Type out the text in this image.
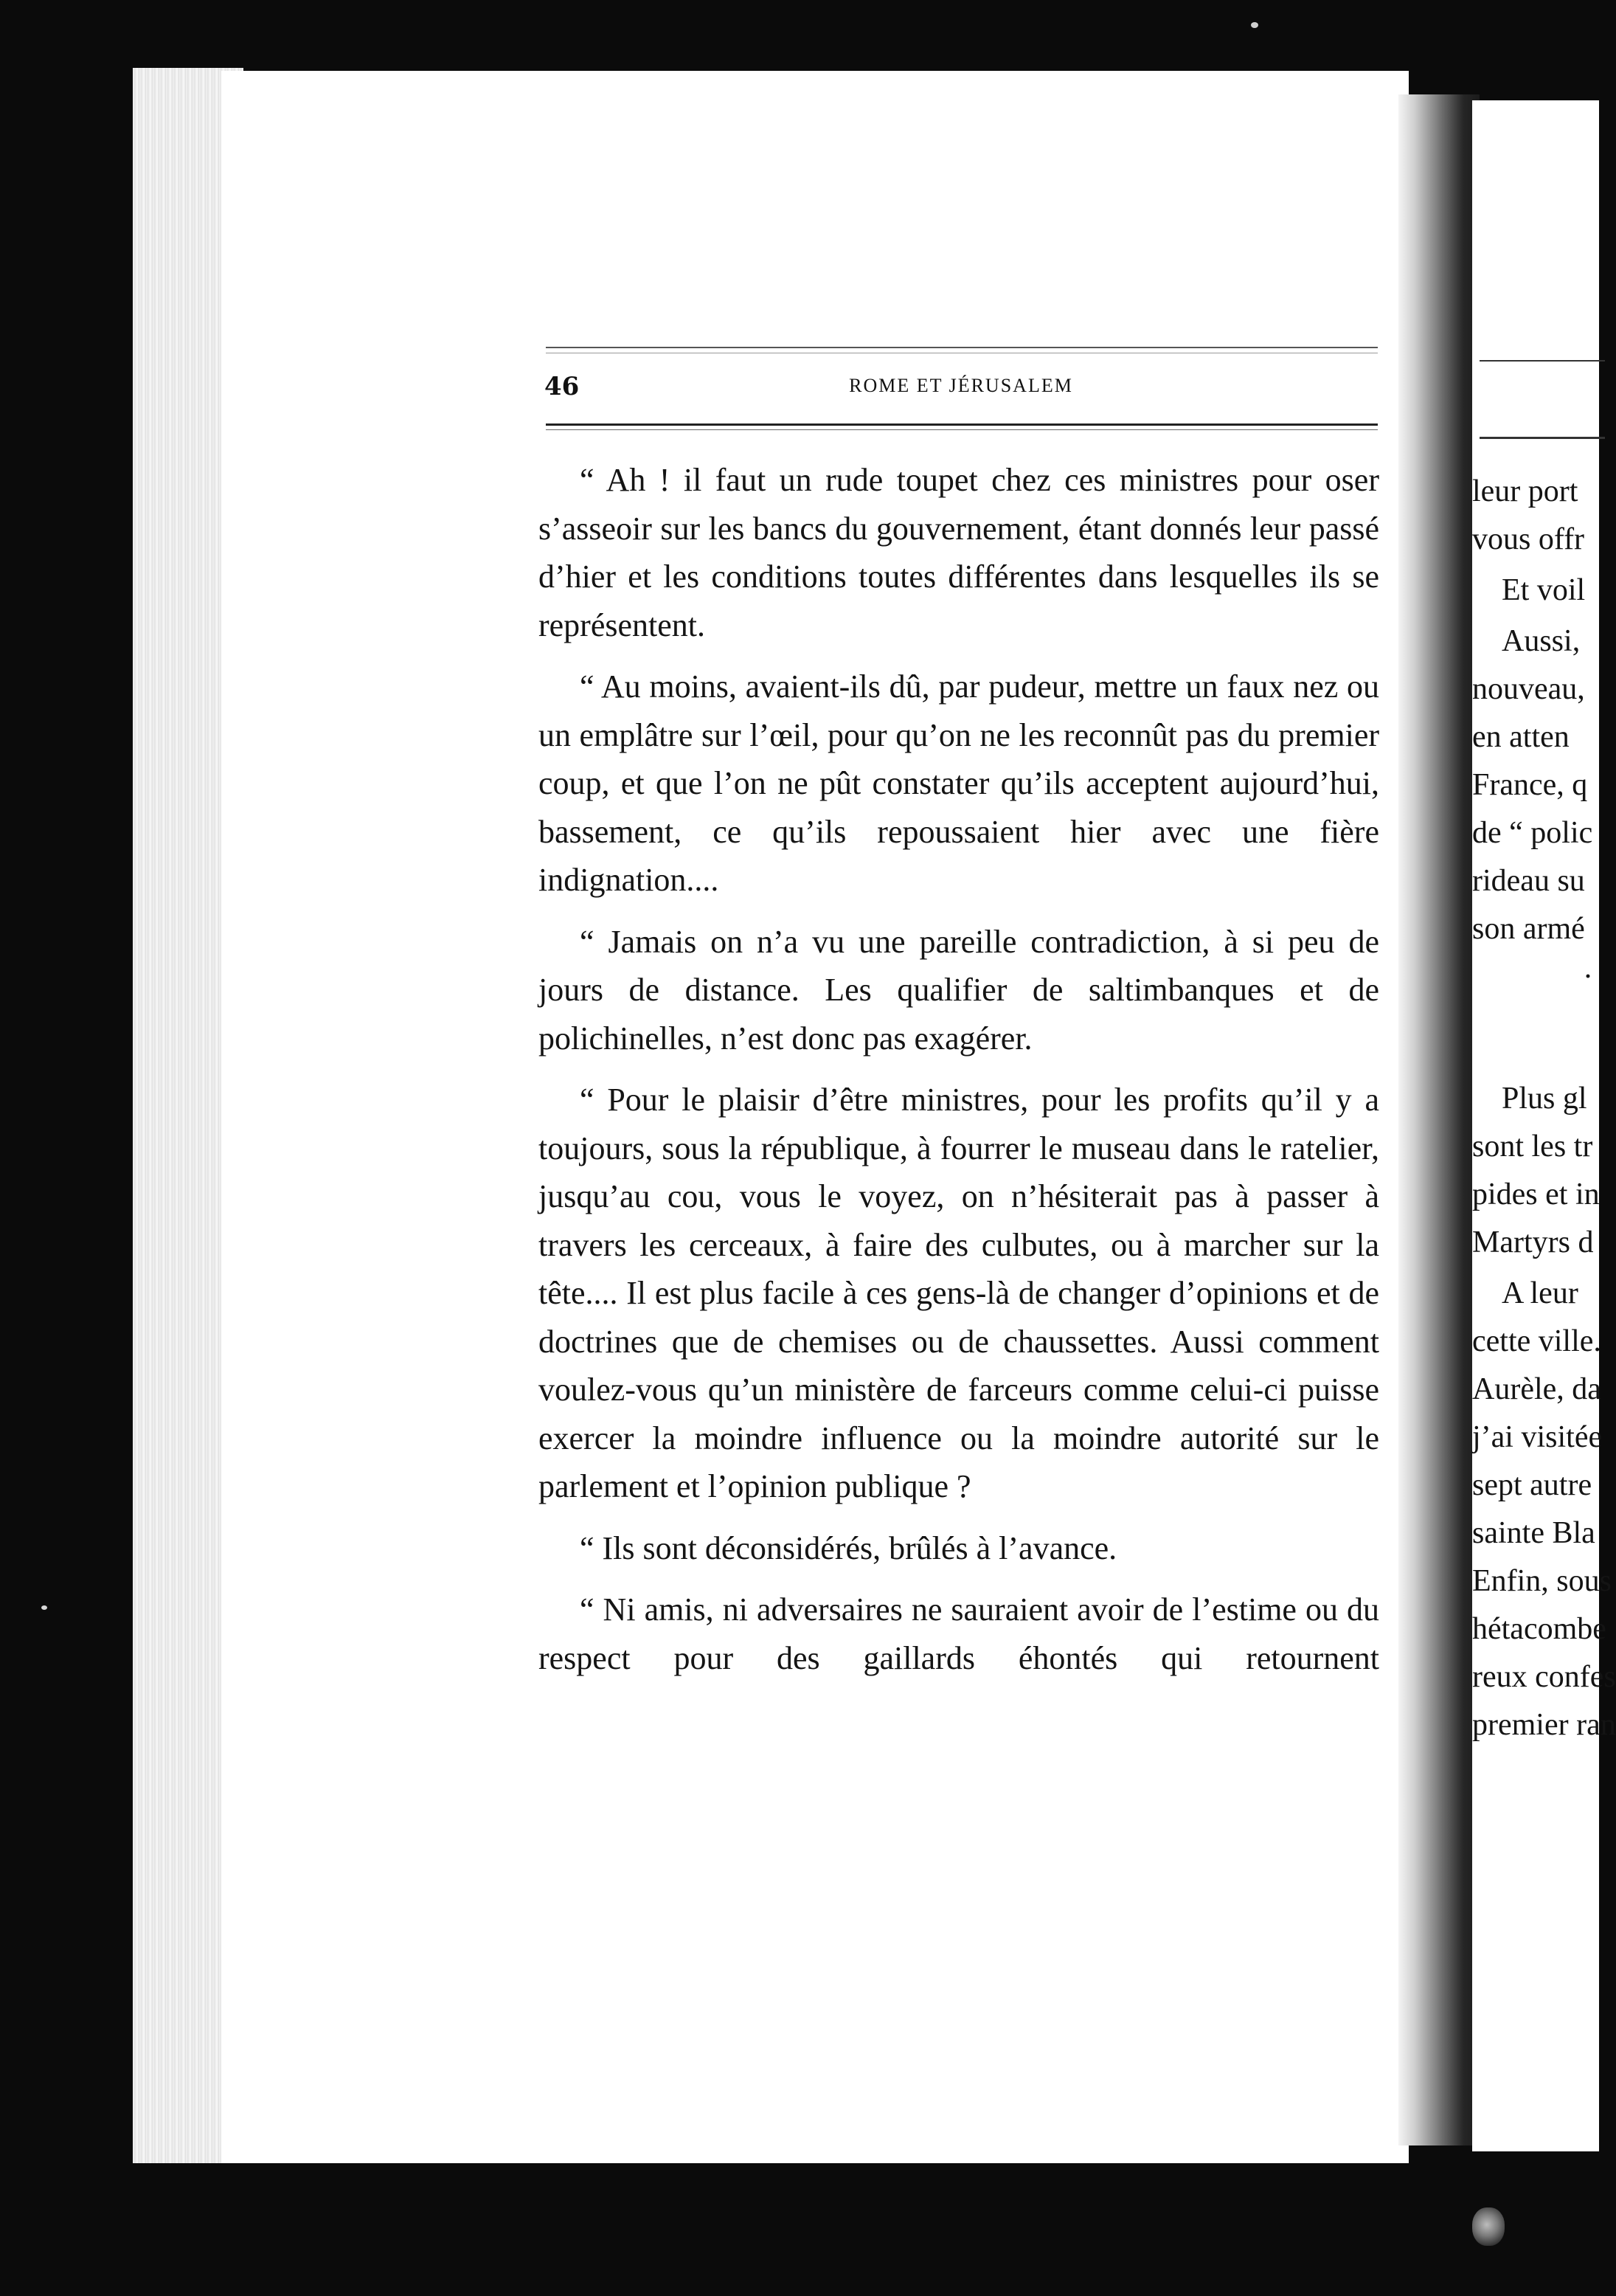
leur port
vous offr
Et voil
Aussi,
nouveau,
en atten
France, q
de “ polic
rideau su
son armé
·
Plus gl
sont les tr
pides et in
Martyrs d
A leur
cette ville.
Aurèle, da
j’ai visitée
sept autre
sainte Bla
Enfin, sous
hétacombe
reux confes
premier ran
46	ROME ET JÉRUSALEM

“ Ah ! il faut un rude toupet chez ces ministres pour oser s’asseoir sur les bancs du gouvernement, étant donnés leur passé d’hier et les conditions toutes différentes dans lesquelles ils se représentent.

“ Au moins, avaient-ils dû, par pudeur, mettre un faux nez ou un emplâtre sur l’œil, pour qu’on ne les reconnût pas du premier coup, et que l’on ne pût constater qu’ils acceptent aujourd’hui, bassement, ce qu’ils repoussaient hier avec une fière indignation....

“ Jamais on n’a vu une pareille contradiction, à si peu de jours de distance. Les qualifier de saltimbanques et de polichinelles, n’est donc pas exagérer.

“ Pour le plaisir d’être ministres, pour les profits qu’il y a toujours, sous la république, à fourrer le museau dans le ratelier, jusqu’au cou, vous le voyez, on n’hésiterait pas à passer à travers les cerceaux, à faire des culbutes, ou à marcher sur la tête.... Il est plus facile à ces gens-là de changer d’opinions et de doctrines que de chemises ou de chaussettes. Aussi comment voulez-vous qu’un ministère de farceurs comme celui-ci puisse exercer la moindre influence ou la moindre autorité sur le parlement et l’opinion publique ?

“ Ils sont déconsidérés, brûlés à l’avance.

“ Ni amis, ni adversaires ne sauraient avoir de l’estime ou du respect pour des gaillards éhontés qui retournent
